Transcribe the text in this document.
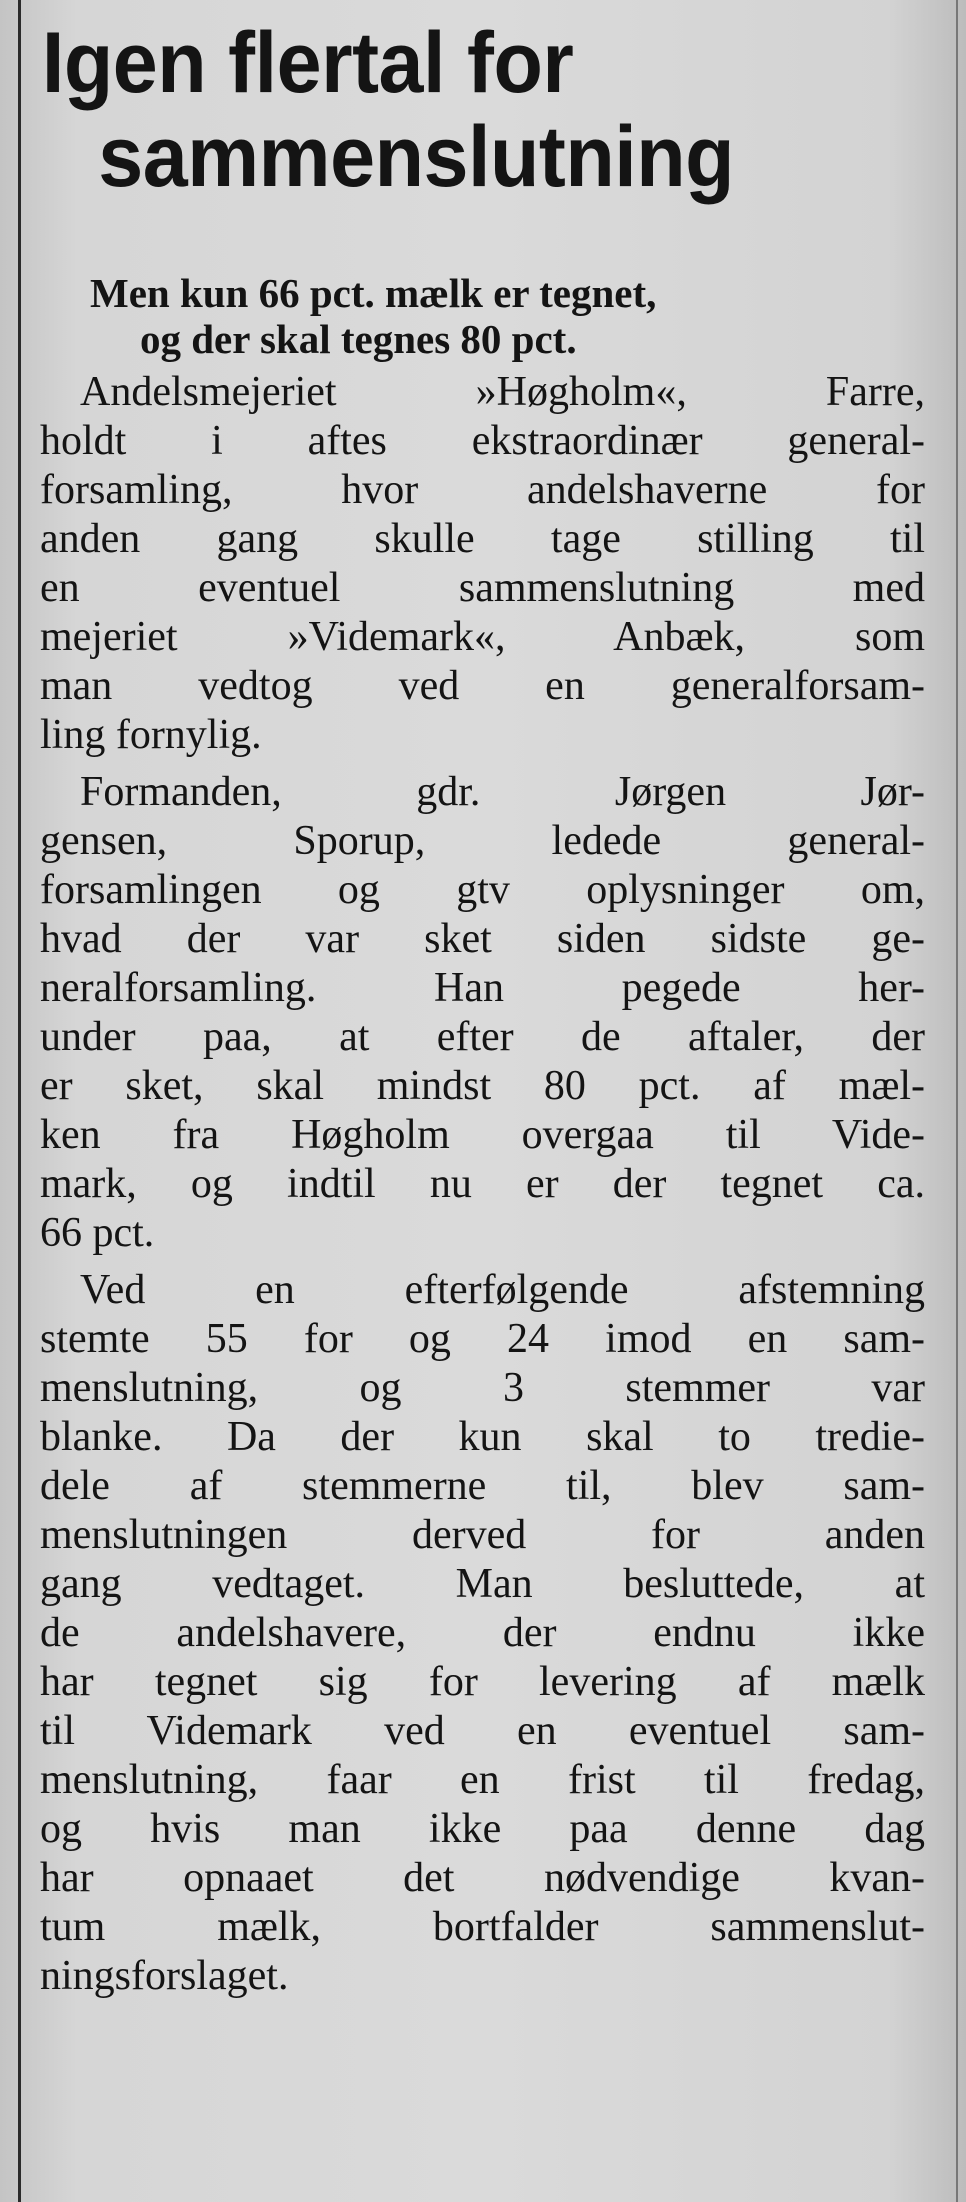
Igen flertal for
sammenslutning
Men kun 66 pct. mælk er tegnet,
og der skal tegnes 80 pct.

Andelsmejeriet »Høgholm«, Farre,
holdt i aftes ekstraordinær general-
forsamling, hvor andelshaverne for
anden gang skulle tage stilling til
en eventuel sammenslutning med
mejeriet »Videmark«, Anbæk, som
man vedtog ved en generalforsam-
ling fornylig.

Formanden, gdr. Jørgen Jør-
gensen, Sporup, ledede general-
forsamlingen og gtv oplysninger om,
hvad der var sket siden sidste ge-
neralforsamling. Han pegede her-
under paa, at efter de aftaler, der
er sket, skal mindst 80 pct. af mæl-
ken fra Høgholm overgaa til Vide-
mark, og indtil nu er der tegnet ca.
66 pct.

Ved en efterfølgende afstemning
stemte 55 for og 24 imod en sam-
menslutning, og 3 stemmer var
blanke. Da der kun skal to tredie-
dele af stemmerne til, blev sam-
menslutningen derved for anden
gang vedtaget. Man besluttede, at
de andelshavere, der endnu ikke
har tegnet sig for levering af mælk
til Videmark ved en eventuel sam-
menslutning, faar en frist til fredag,
og hvis man ikke paa denne dag
har opnaaet det nødvendige kvan-
tum mælk, bortfalder sammenslut-
ningsforslaget.
